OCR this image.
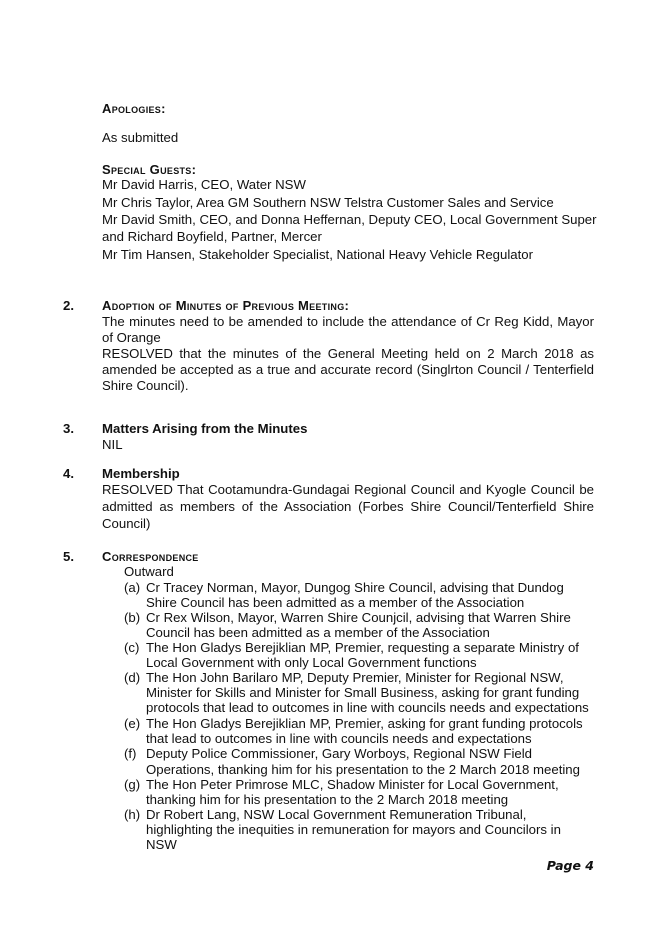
Apologies:
As submitted
Special Guests:
Mr David Harris, CEO, Water NSW
Mr Chris Taylor, Area GM Southern NSW Telstra Customer Sales and Service
Mr David Smith, CEO, and Donna Heffernan, Deputy CEO, Local Government Super
and Richard Boyfield, Partner, Mercer
Mr Tim Hansen, Stakeholder Specialist, National Heavy Vehicle Regulator
2. Adoption of Minutes of Previous Meeting:
The minutes need to be amended to include the attendance of Cr Reg Kidd, Mayor
of Orange
RESOLVED that the minutes of the General Meeting held on 2 March 2018 as
amended be accepted as a true and accurate record (Singlrton Council / Tenterfield
Shire Council).
3. Matters Arising from the Minutes
NIL
4. Membership
RESOLVED That Cootamundra-Gundagai Regional Council and Kyogle Council be
admitted as members of the Association (Forbes Shire Council/Tenterfield Shire
Council)
5. Correspondence
Outward
(a) Cr Tracey Norman, Mayor, Dungog Shire Council, advising that Dundog
Shire Council has been admitted as a member of the Association
(b) Cr Rex Wilson, Mayor, Warren Shire Counjcil, advising that Warren Shire
Council has been admitted as a member of the Association
(c) The Hon Gladys Berejiklian MP, Premier, requesting a separate Ministry of
Local Government with only Local Government functions
(d) The Hon John Barilaro MP, Deputy Premier, Minister for Regional NSW,
Minister for Skills and Minister for Small Business, asking for grant funding
protocols that lead to outcomes in line with councils needs and expectations
(e) The Hon Gladys Berejiklian MP, Premier, asking for grant funding protocols
that lead to outcomes in line with councils needs and expectations
(f) Deputy Police Commissioner, Gary Worboys, Regional NSW Field
Operations, thanking him for his presentation to the 2 March 2018 meeting
(g) The Hon Peter Primrose MLC, Shadow Minister for Local Government,
thanking him for his presentation to the 2 March 2018 meeting
(h) Dr Robert Lang, NSW Local Government Remuneration Tribunal,
highlighting the inequities in remuneration for mayors and Councilors in
NSW
Page 4
